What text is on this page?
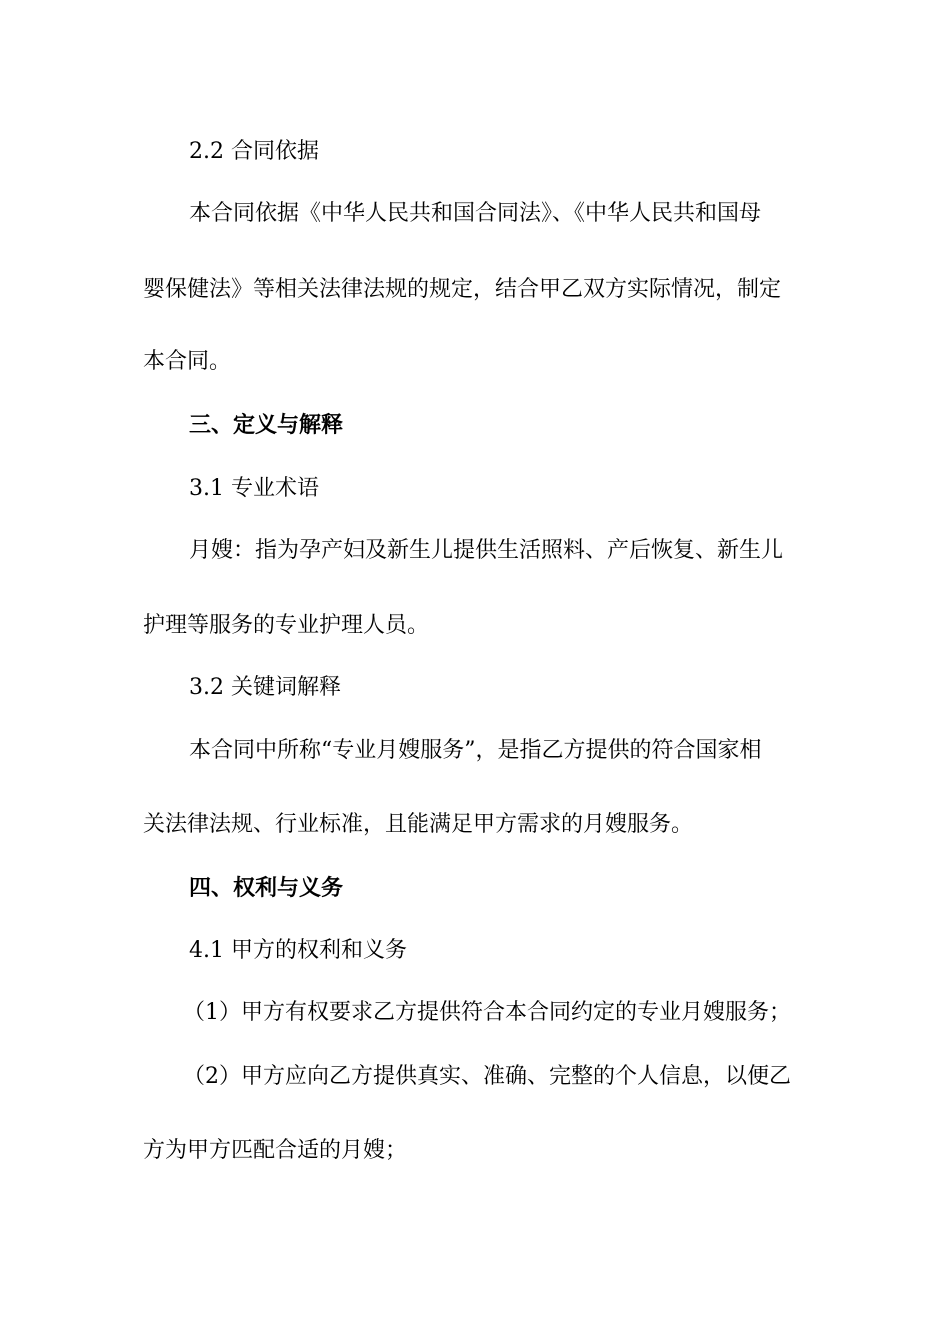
2.2 合同依据
本合同依据《中华人民共和国合同法》、《中华人民共和国母
婴保健法》等相关法律法规的规定，结合甲乙双方实际情况，制定
本合同。
三、定义与解释
3.1 专业术语
月嫂：指为孕产妇及新生儿提供生活照料、产后恢复、新生儿
护理等服务的专业护理人员。
3.2 关键词解释
本合同中所称“专业月嫂服务”，是指乙方提供的符合国家相
关法律法规、行业标准，且能满足甲方需求的月嫂服务。
四、权利与义务
4.1 甲方的权利和义务
（1）甲方有权要求乙方提供符合本合同约定的专业月嫂服务；
（2）甲方应向乙方提供真实、准确、完整的个人信息，以便乙
方为甲方匹配合适的月嫂；
